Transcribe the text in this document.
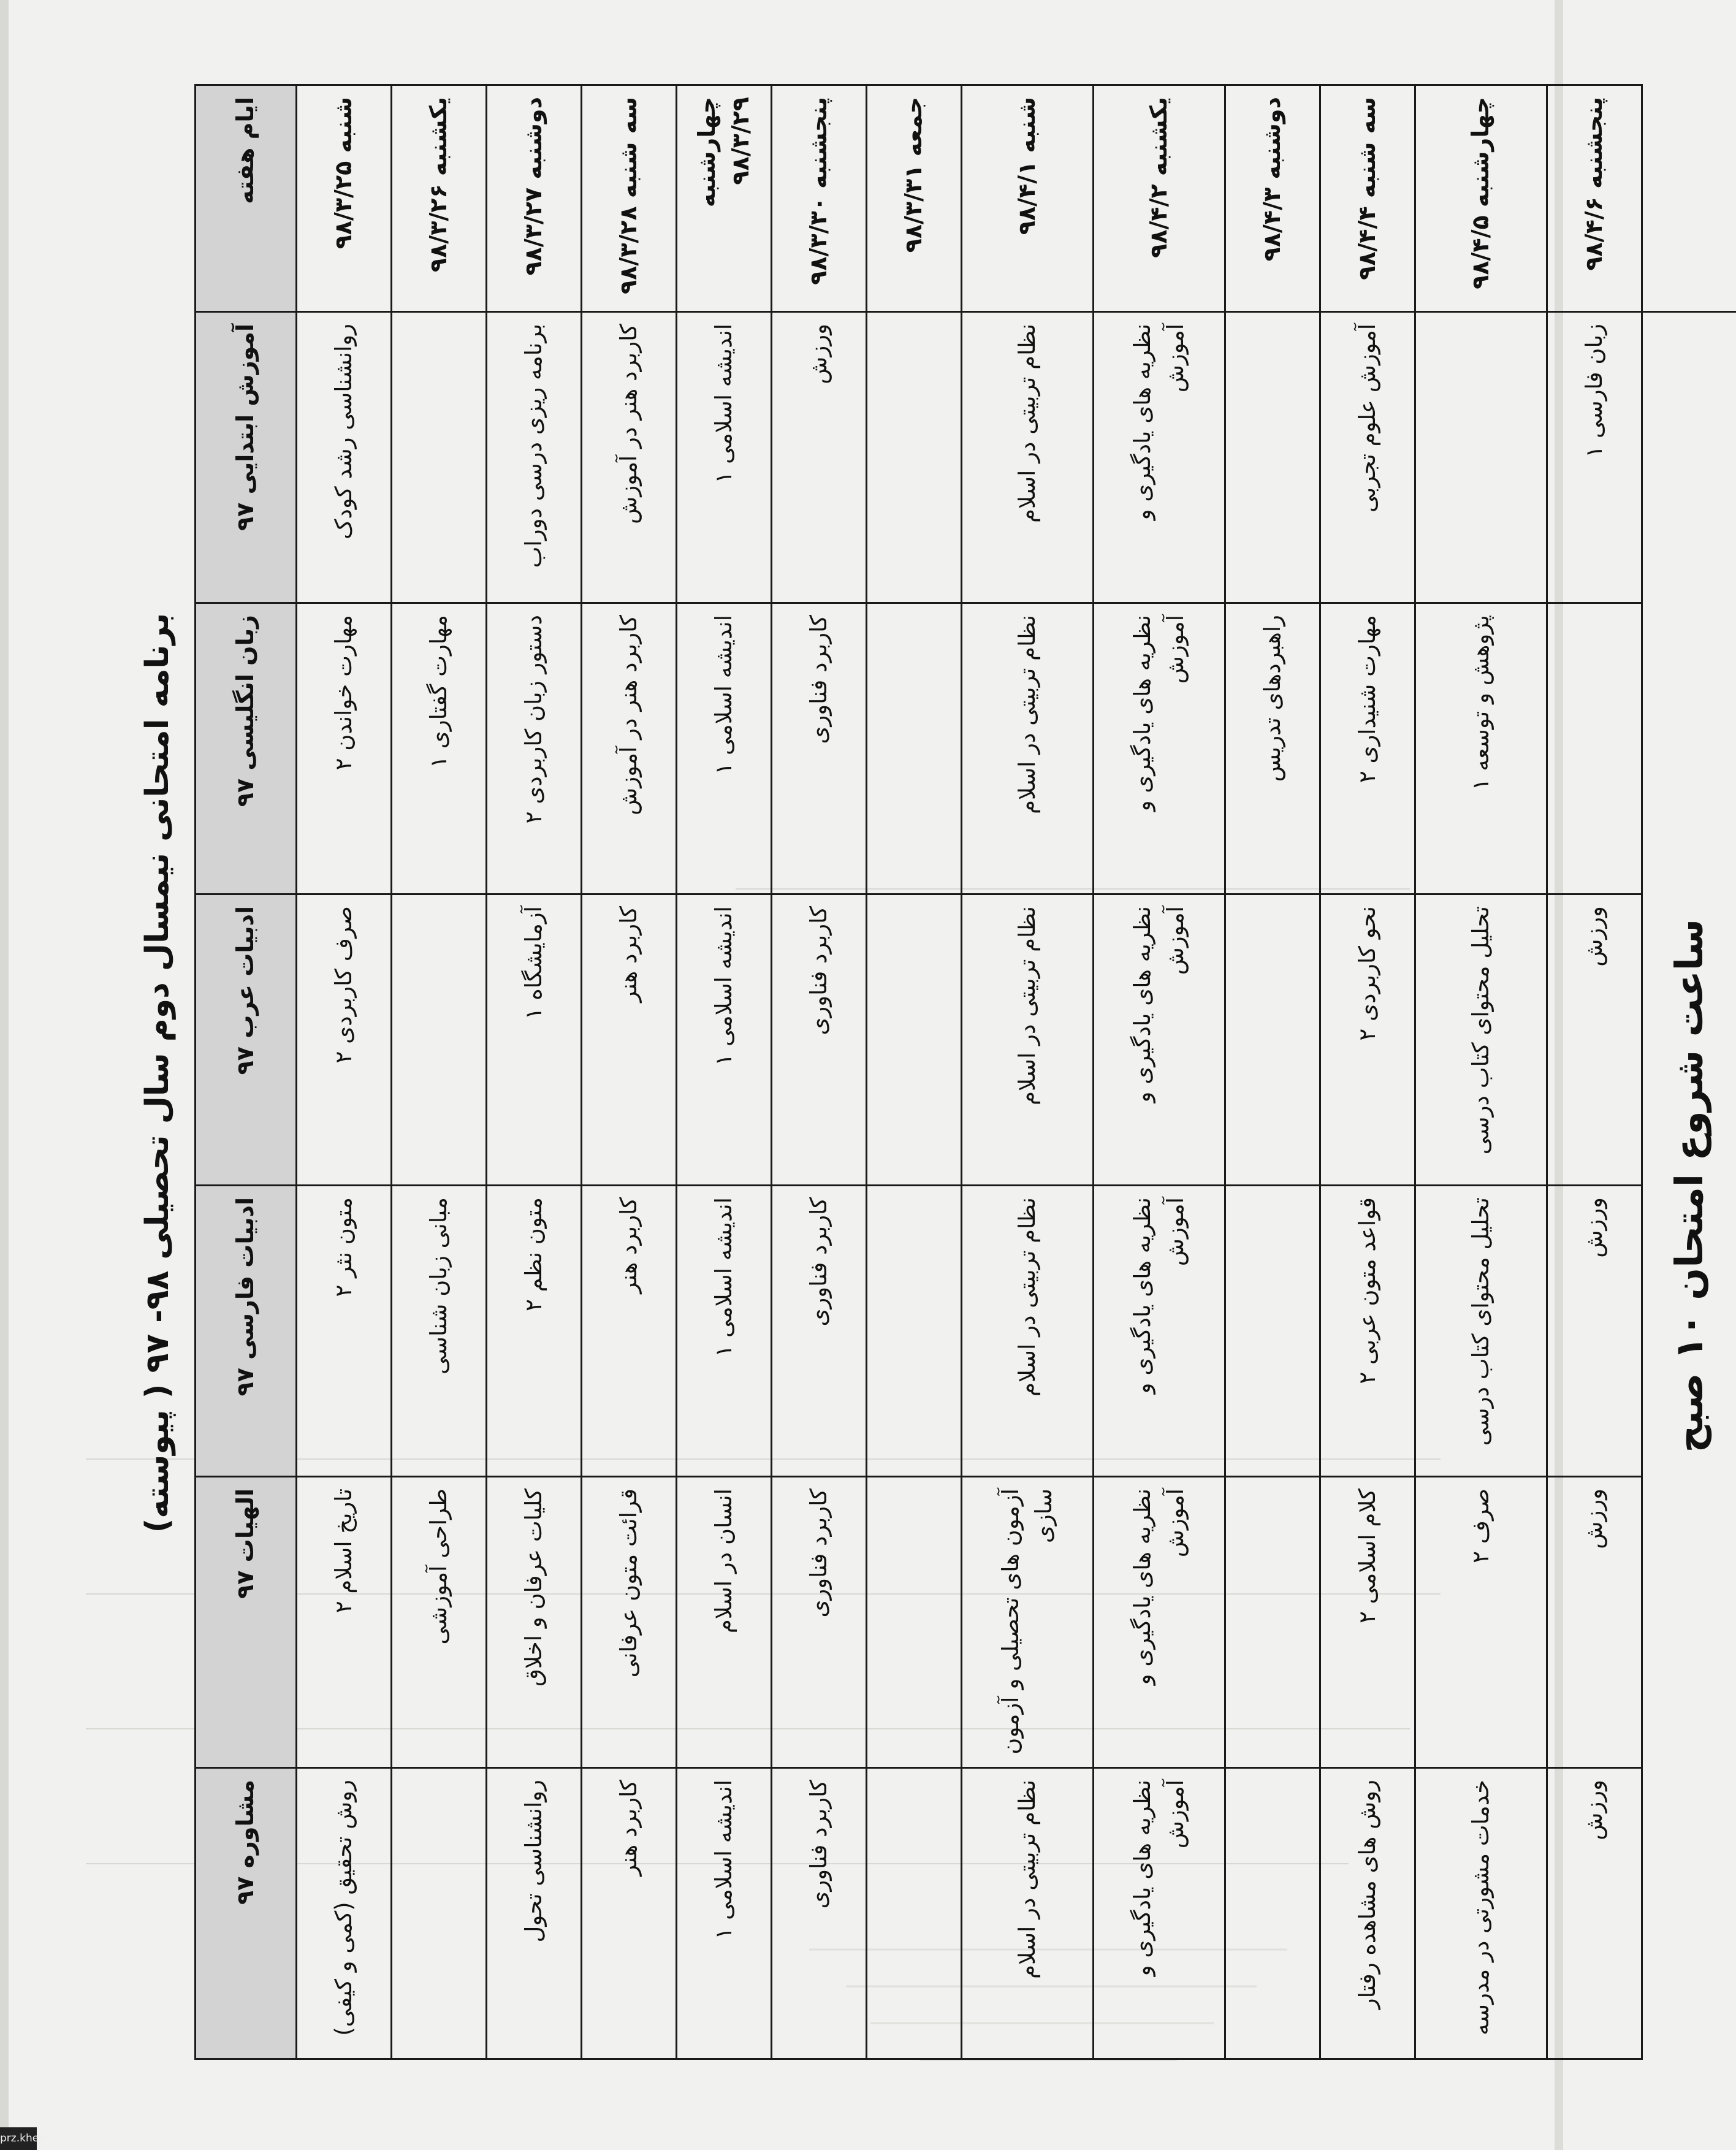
برنامه امتحانی نیمسال دوم سال تحصیلی ۹۸- ۹۷ ( پیوسته)
ایام هفته	آموزش ابتدایی ۹۷	زبان انگلیسی ۹۷	ادبیات عرب ۹۷	ادبیات فارسی ۹۷	الهیات ۹۷	مشاوره ۹۷
شنبه ۹۸/۳/۲۵	روانشناسی رشد کودک	مهارت خواندن ۲	صرف کاربردی ۲	متون نثر ۲	تاریخ اسلام ۲	روش تحقیق (کمی و کیفی)
یکشنبه ۹۸/۳/۲۶		مهارت گفتاری ۱		مبانی زبان شناسی	طراحی آموزشی	
دوشنبه ۹۸/۳/۲۷	برنامه ریزی درسی دوراب	دستور زبان کاربردی ۲	آزمایشگاه ۱	متون نظم ۲	کلیات عرفان و اخلاق	روانشناسی تحول
سه شنبه ۹۸/۳/۲۸	کاربرد هنر در آموزش	کاربرد هنر در آموزش	کاربرد هنر	کاربرد هنر	قرائت متون عرفانی	کاربرد هنر
چهارشنبه ۹۸/۳/۲۹	اندیشه اسلامی ۱	اندیشه اسلامی ۱	اندیشه اسلامی ۱	اندیشه اسلامی ۱	انسان در اسلام	اندیشه اسلامی ۱
پنجشنبه ۹۸/۳/۳۰	ورزش	کاربرد فناوری	کاربرد فناوری	کاربرد فناوری	کاربرد فناوری	کاربرد فناوری
جمعه ۹۸/۳/۳۱						
شنبه ۹۸/۴/۱	نظام تربیتی در اسلام	نظام تربیتی در اسلام	نظام تربیتی در اسلام	نظام تربیتی در اسلام	آزمون های تحصیلی و آزمون سازی	نظام تربیتی در اسلام
یکشنبه ۹۸/۴/۲	نظریه های یادگیری و آموزش	نظریه های یادگیری و آموزش	نظریه های یادگیری و آموزش	نظریه های یادگیری و آموزش	نظریه های یادگیری و آموزش	نظریه های یادگیری و آموزش
دوشنبه ۹۸/۴/۳		راهبردهای تدریس				
سه شنبه ۹۸/۴/۴	آموزش علوم تجربی	مهارت شنیداری ۲	نحو کاربردی ۲	قواعد متون عربی ۲	کلام اسلامی ۲	روش های مشاهده رفتار
چهارشنبه ۹۸/۴/۵		پژوهش و توسعه ۱	تحلیل محتوای کتاب درسی	تحلیل محتوای کتاب درسی	صرف ۲	خدمات مشورتی در مدرسه
پنجشنبه ۹۸/۴/۶	زبان فارسی ۱		ورزش	ورزش	ورزش	ورزش
	ساعت شروع امتحان ۱۰ صبح					
prz.kheir
